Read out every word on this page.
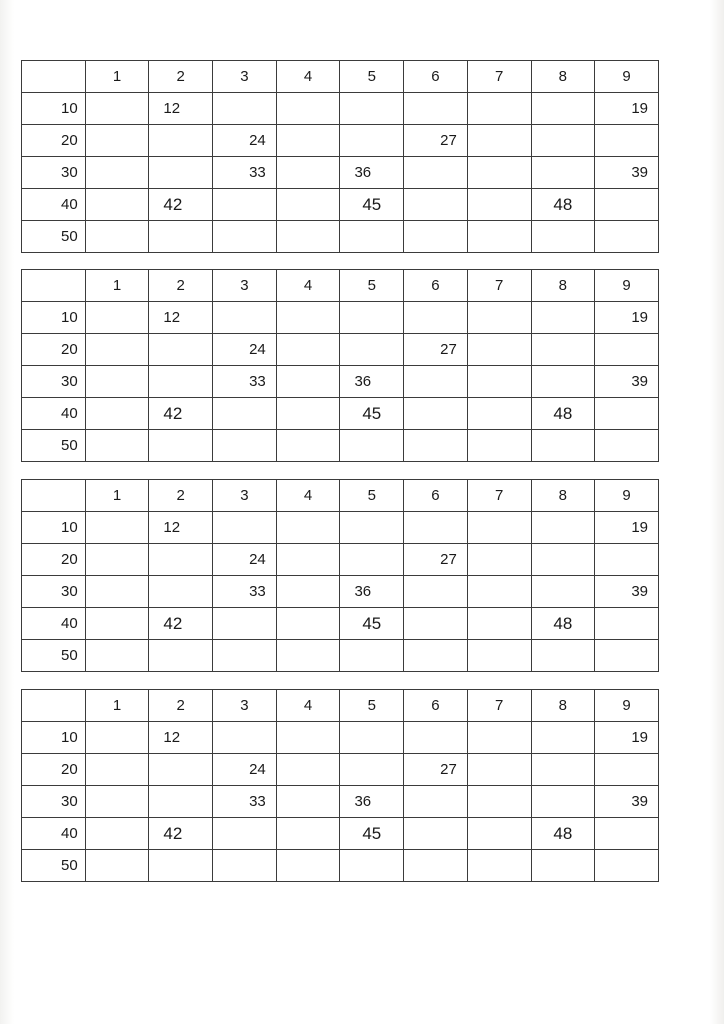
	1	2	3	4	5	6	7	8	9
10		12							19
20			24			27			
30			33		36				39
40		42			45			48	
50									
	1	2	3	4	5	6	7	8	9
10		12							19
20			24			27			
30			33		36				39
40		42			45			48	
50									
	1	2	3	4	5	6	7	8	9
10		12							19
20			24			27			
30			33		36				39
40		42			45			48	
50									
	1	2	3	4	5	6	7	8	9
10		12							19
20			24			27			
30			33		36				39
40		42			45			48	
50									
